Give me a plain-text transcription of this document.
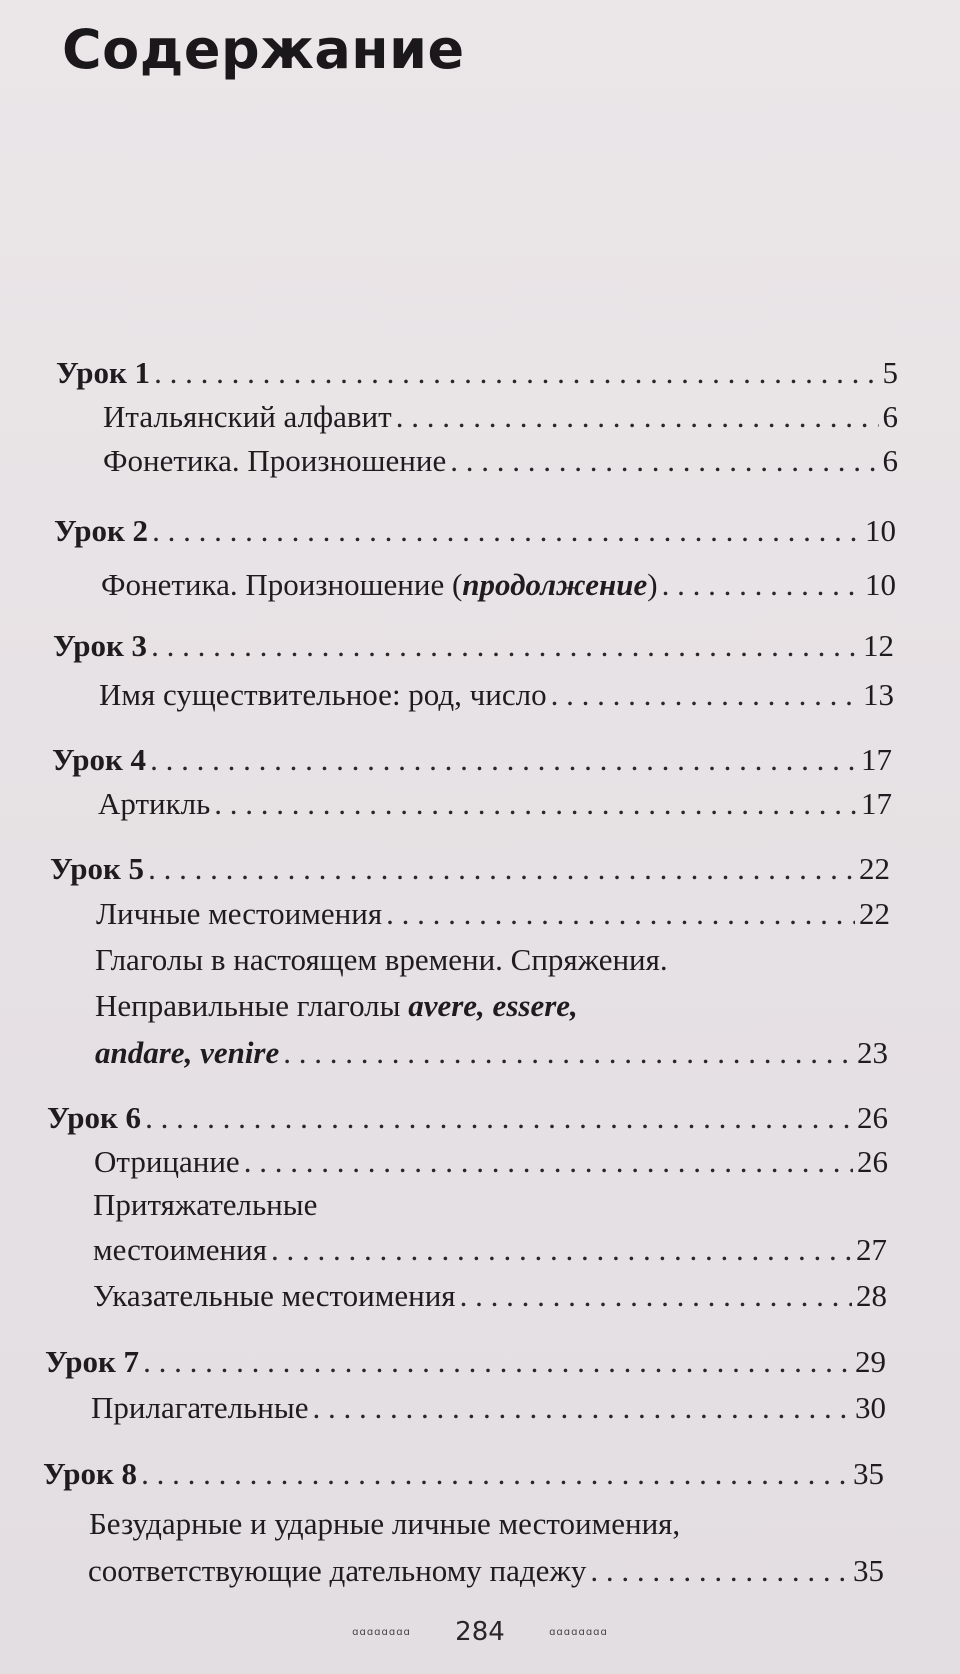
Содержание
Урок 1 . . .	5
Итальянский алфавит . . .	6
Фонетика. Произношение . . .	6
Урок 2 . . .	10
Фонетика. Произношение (продолжение) . . .	10
Урок 3 . . .	12
Имя существительное: род, число . . .	13
Урок 4 . . .	17
Артикль . . .	17
Урок 5 . . .	22
Личные местоимения . . .	22
Глаголы в настоящем времени. Спряжения.
Неправильные глаголы avere, essere,
andare, venire . . .	23
Урок 6 . . .	26
Отрицание . . .	26
Притяжательные
местоимения . . .	27
Указательные местоимения . . .	28
Урок 7 . . .	29
Прилагательные . . .	30
Урок 8 . . .	35
Безударные и ударные личные местоимения,
соответствующие дательному падежу . . .	35
ɑɑɑɑɑɑɑɑ 284	ɑɑɑɑɑɑɑɑ
